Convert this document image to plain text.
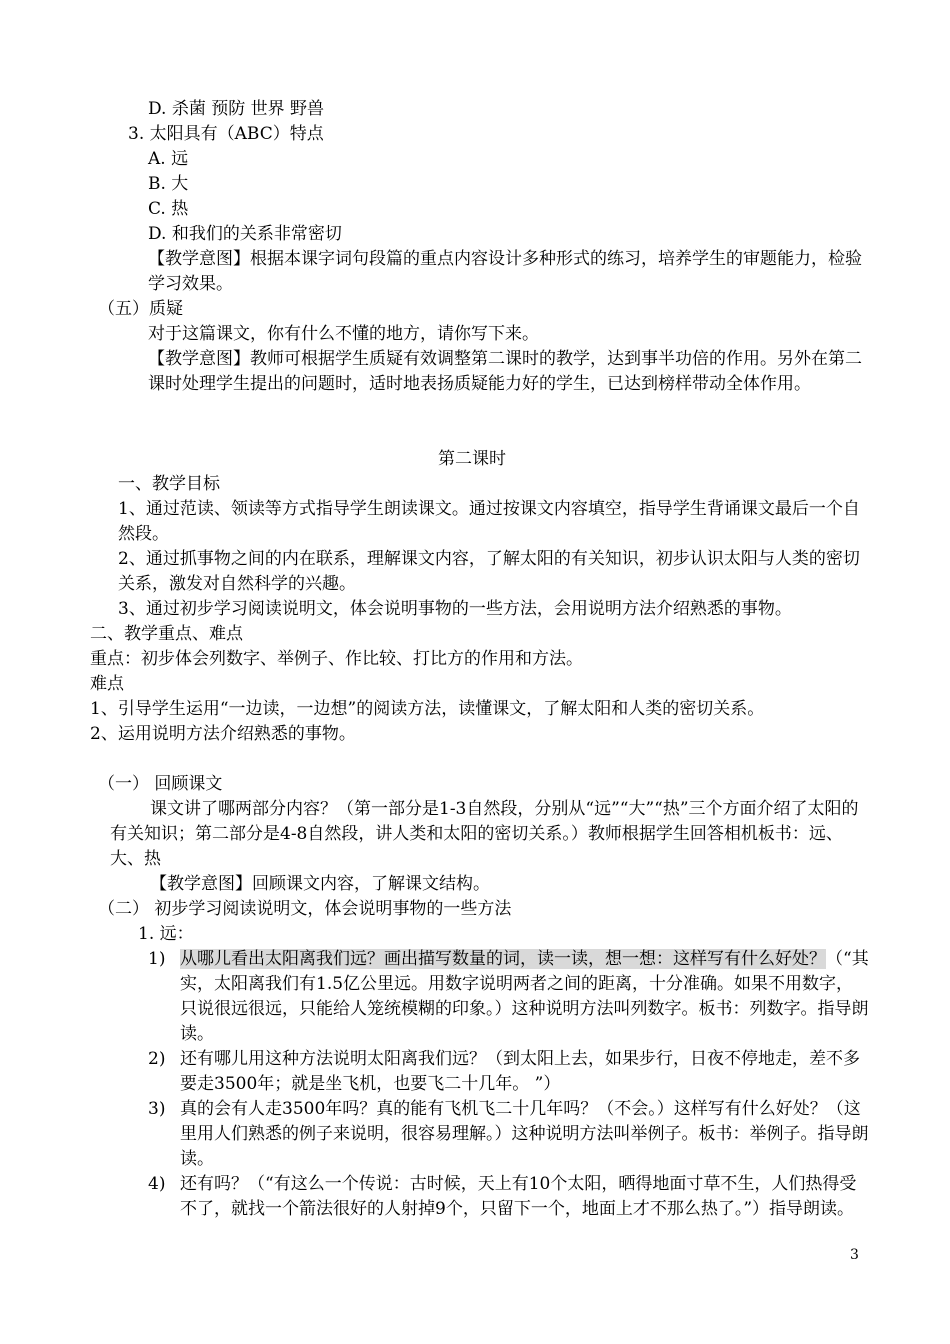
D. 杀菌 预防 世界 野兽
3. 太阳具有（ABC）特点
A. 远
B. 大
C. 热
D. 和我们的关系非常密切
【教学意图】根据本课字词句段篇的重点内容设计多种形式的练习，培养学生的审题能力，检验学习效果。
（五）质疑
对于这篇课文，你有什么不懂的地方，请你写下来。
【教学意图】教师可根据学生质疑有效调整第二课时的教学，达到事半功倍的作用。另外在第二课时处理学生提出的问题时，适时地表扬质疑能力好的学生，已达到榜样带动全体作用。
第二课时
一、教学目标
1、通过范读、领读等方式指导学生朗读课文。通过按课文内容填空，指导学生背诵课文最后一个自然段。
2、通过抓事物之间的内在联系，理解课文内容，了解太阳的有关知识，初步认识太阳与人类的密切关系，激发对自然科学的兴趣。
3、通过初步学习阅读说明文，体会说明事物的一些方法，会用说明方法介绍熟悉的事物。
二、教学重点、难点
重点：初步体会列数字、举例子、作比较、打比方的作用和方法。
难点
1、引导学生运用“一边读，一边想”的阅读方法，读懂课文，了解太阳和人类的密切关系。
2、运用说明方法介绍熟悉的事物。
（一） 回顾课文
课文讲了哪两部分内容？（第一部分是1-3自然段，分别从“远”“大”“热”三个方面介绍了太阳的有关知识；第二部分是4-8自然段，讲人类和太阳的密切关系。）教师根据学生回答相机板书：远、大、热
【教学意图】回顾课文内容，了解课文结构。
（二） 初步学习阅读说明文，体会说明事物的一些方法
1. 远：
1) 从哪儿看出太阳离我们远？画出描写数量的词，读一读，想一想：这样写有什么好处？（“其实，太阳离我们有1.5亿公里远。用数字说明两者之间的距离，十分准确。如果不用数字，只说很远很远，只能给人笼统模糊的印象。）这种说明方法叫列数字。板书：列数字。指导朗读。
2) 还有哪儿用这种方法说明太阳离我们远？（到太阳上去，如果步行，日夜不停地走，差不多要走3500年；就是坐飞机，也要飞二十几年。 ”）
3) 真的会有人走3500年吗？真的能有飞机飞二十几年吗？（不会。）这样写有什么好处？（这里用人们熟悉的例子来说明，很容易理解。）这种说明方法叫举例子。板书：举例子。指导朗读。
4) 还有吗？（“有这么一个传说：古时候，天上有10个太阳，晒得地面寸草不生，人们热得受不了，就找一个箭法很好的人射掉9个，只留下一个，地面上才不那么热了。”）指导朗读。
3
